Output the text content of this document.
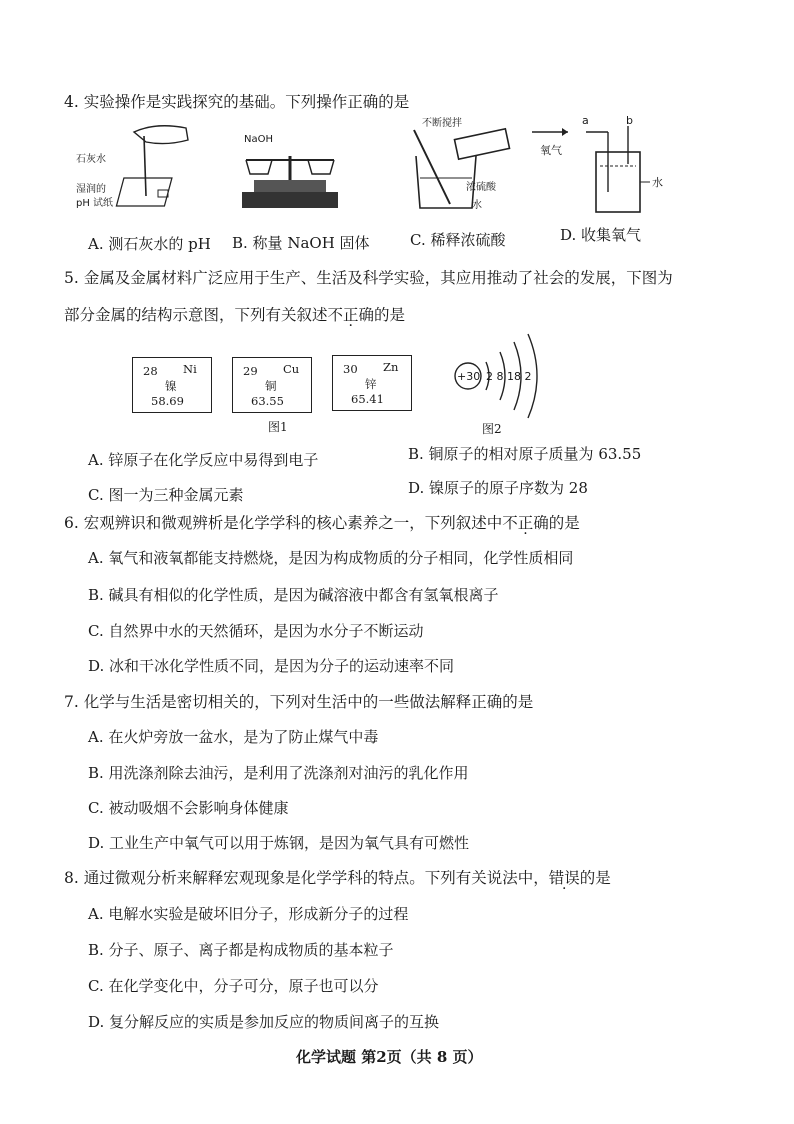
4. 实验操作是实践探究的基础。下列操作正确的是
石灰水
湿润的
pH 试纸
NaOH
不断搅拌
浓硫酸
水
a	b
氧气
水
A. 测石灰水的 pH B. 称量 NaOH 固体	C. 稀释浓硫酸	D. 收集氧气
5. 金属及金属材料广泛应用于生产、生活及科学实验，其应用推动了社会的发展，下图为
部分金属的结构示意图，下列有关叙述不正确的是
28 Ni
镍
58.69
29 Cu
铜
63.55
30 Zn
锌
65.41
图1
+30 2 8 18 2
图2
A. 锌原子在化学反应中易得到电子	B. 铜原子的相对原子质量为 63.55
C. 图一为三种金属元素	D. 镍原子的原子序数为 28
6. 宏观辨识和微观辨析是化学学科的核心素养之一，下列叙述中不正确的是
A. 氧气和液氧都能支持燃烧，是因为构成物质的分子相同，化学性质相同
B. 碱具有相似的化学性质，是因为碱溶液中都含有氢氧根离子
C. 自然界中水的天然循环，是因为水分子不断运动
D. 冰和干冰化学性质不同，是因为分子的运动速率不同
7. 化学与生活是密切相关的，下列对生活中的一些做法解释正确的是
A. 在火炉旁放一盆水，是为了防止煤气中毒
B. 用洗涤剂除去油污，是利用了洗涤剂对油污的乳化作用
C. 被动吸烟不会影响身体健康
D. 工业生产中氧气可以用于炼钢，是因为氧气具有可燃性
8. 通过微观分析来解释宏观现象是化学学科的特点。下列有关说法中，错误的是
A. 电解水实验是破坏旧分子，形成新分子的过程
B. 分子、原子、离子都是构成物质的基本粒子
C. 在化学变化中，分子可分，原子也可以分
D. 复分解反应的实质是参加反应的物质间离子的互换
化学试题 第2页（共 8 页）
